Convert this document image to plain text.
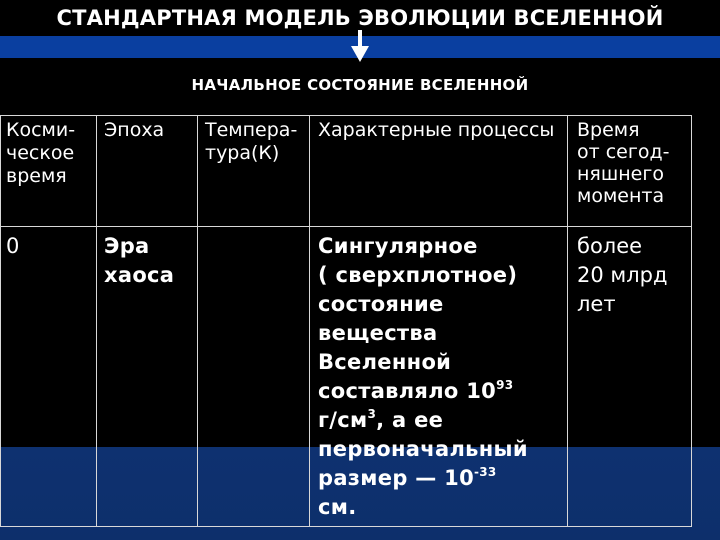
СТАНДАРТНАЯ МОДЕЛЬ ЭВОЛЮЦИИ ВСЕЛЕННОЙ
НАЧАЛЬНОЕ СОСТОЯНИЕ ВСЕЛЕННОЙ
Косми-
ческое
время
Эпоха Темпера-
тура(К)
Характерные процессы Время
от сегод-
няшнего
момента
0	Эра
хаоса
Сингулярное
( сверхплотное)
состояние
вещества
Вселенной
составляло $10^{93}$
$г/см^3$, а ее
первоначальный
размер — $10^{-33}$
см.
более
20 млрд
лет
